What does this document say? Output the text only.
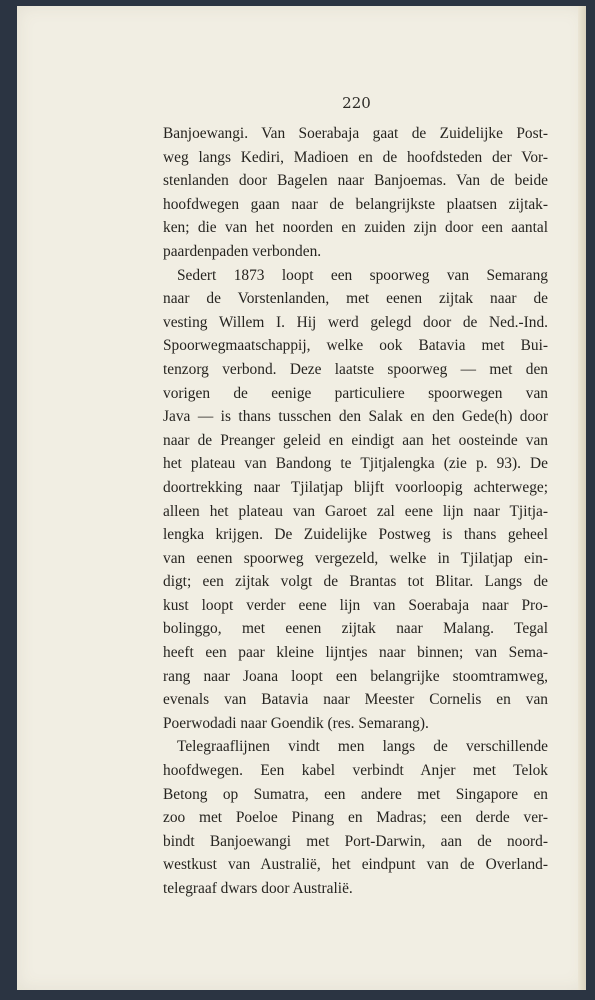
220
Banjoewangi. Van Soerabaja gaat de Zuidelijke Post-
weg langs Kediri, Madioen en de hoofdsteden der Vor-
stenlanden door Bagelen naar Banjoemas. Van de beide
hoofdwegen gaan naar de belangrijkste plaatsen zijtak-
ken; die van het noorden en zuiden zijn door een aantal
paardenpaden verbonden.
Sedert 1873 loopt een spoorweg van Semarang
naar de Vorstenlanden, met eenen zijtak naar de
vesting Willem I. Hij werd gelegd door de Ned.-Ind.
Spoorwegmaatschappij, welke ook Batavia met Bui-
tenzorg verbond. Deze laatste spoorweg — met den
vorigen de eenige particuliere spoorwegen van
Java — is thans tusschen den Salak en den Gede(h) door
naar de Preanger geleid en eindigt aan het oosteinde van
het plateau van Bandong te Tjitjalengka (zie p. 93). De
doortrekking naar Tjilatjap blijft voorloopig achterwege;
alleen het plateau van Garoet zal eene lijn naar Tjitja-
lengka krijgen. De Zuidelijke Postweg is thans geheel
van eenen spoorweg vergezeld, welke in Tjilatjap ein-
digt; een zijtak volgt de Brantas tot Blitar. Langs de
kust loopt verder eene lijn van Soerabaja naar Pro-
bolinggo, met eenen zijtak naar Malang. Tegal
heeft een paar kleine lijntjes naar binnen; van Sema-
rang naar Joana loopt een belangrijke stoomtramweg,
evenals van Batavia naar Meester Cornelis en van
Poerwodadi naar Goendik (res. Semarang).
Telegraaflijnen vindt men langs de verschillende
hoofdwegen. Een kabel verbindt Anjer met Telok
Betong op Sumatra, een andere met Singapore en
zoo met Poeloe Pinang en Madras; een derde ver-
bindt Banjoewangi met Port-Darwin, aan de noord-
westkust van Australië, het eindpunt van de Overland-
telegraaf dwars door Australië.
